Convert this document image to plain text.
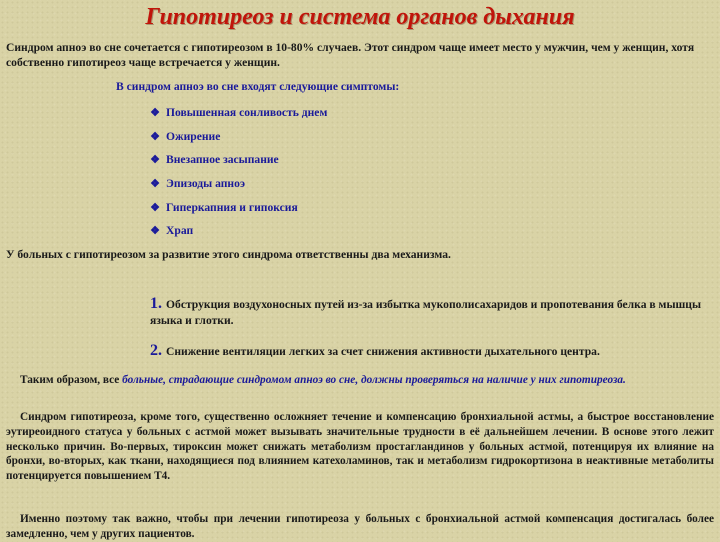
Гипотиреоз и система органов дыхания

Синдром апноэ во сне сочетается с гипотиреозом в 10-80% случаев. Этот синдром чаще имеет место у мужчин, чем у женщин, хотя собственно гипотиреоз чаще встречается у женщин.

В синдром апноэ во сне входят следующие симптомы:

❖ Повышенная сонливость днем
❖ Ожирение
❖ Внезапное засыпание
❖ Эпизоды апноэ
❖ Гиперкапния и гипоксия
❖ Храп

У больных с гипотиреозом за развитие этого синдрома ответственны два механизма.

1. Обструкция воздухоносных путей из-за избытка мукополисахаридов и пропотевания белка в мышцы языка и глотки.

2. Снижение вентиляции легких за счет снижения активности дыхательного центра.

Таким образом, все больные, страдающие синдромом апноэ во сне, должны проверяться на наличие у них гипотиреоза.

Синдром гипотиреоза, кроме того, существенно осложняет течение и компенсацию бронхиальной астмы, а быстрое восстановление эутиреоидного статуса у больных с астмой может вызывать значительные трудности в её дальнейшем лечении. В основе этого лежит несколько причин. Во-первых, тироксин может снижать метаболизм простагландинов у больных астмой, потенцируя их влияние на бронхи, во-вторых, как ткани, находящиеся под влиянием катехоламинов, так и метаболизм гидрокортизона в неактивные метаболиты потенцируется повышением Т4.

Именно поэтому так важно, чтобы при лечении гипотиреоза у больных с бронхиальной астмой компенсация достигалась более замедленно, чем у других пациентов.
